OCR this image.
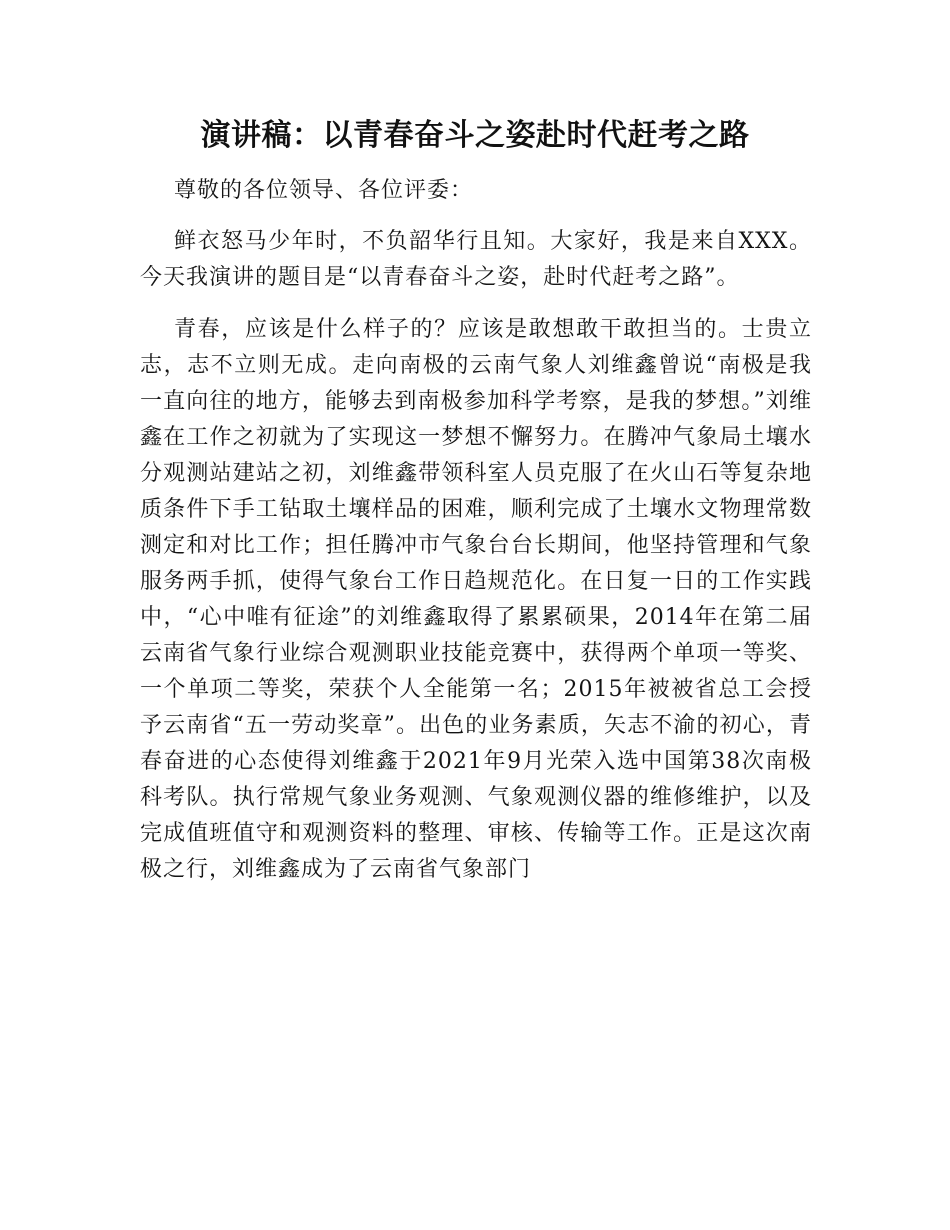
演讲稿：以青春奋斗之姿赴时代赶考之路

尊敬的各位领导、各位评委：

鲜衣怒马少年时，不负韶华行且知。大家好，我是来自XXX。今天我演讲的题目是“以青春奋斗之姿，赴时代赶考之路”。

青春，应该是什么样子的？应该是敢想敢干敢担当的。士贵立志，志不立则无成。走向南极的云南气象人刘维鑫曾说“南极是我一直向往的地方，能够去到南极参加科学考察，是我的梦想。”刘维鑫在工作之初就为了实现这一梦想不懈努力。在腾冲气象局土壤水分观测站建站之初，刘维鑫带领科室人员克服了在火山石等复杂地质条件下手工钻取土壤样品的困难，顺利完成了土壤水文物理常数测定和对比工作；担任腾冲市气象台台长期间，他坚持管理和气象服务两手抓，使得气象台工作日趋规范化。在日复一日的工作实践中，“心中唯有征途”的刘维鑫取得了累累硕果，2014年在第二届云南省气象行业综合观测职业技能竞赛中，获得两个单项一等奖、一个单项二等奖，荣获个人全能第一名；2015年被被省总工会授予云南省“五一劳动奖章”。出色的业务素质，矢志不渝的初心，青春奋进的心态使得刘维鑫于2021年9月光荣入选中国第38次南极科考队。执行常规气象业务观测、气象观测仪器的维修维护，以及完成值班值守和观测资料的整理、审核、传输等工作。正是这次南极之行，刘维鑫成为了云南省气象部门
